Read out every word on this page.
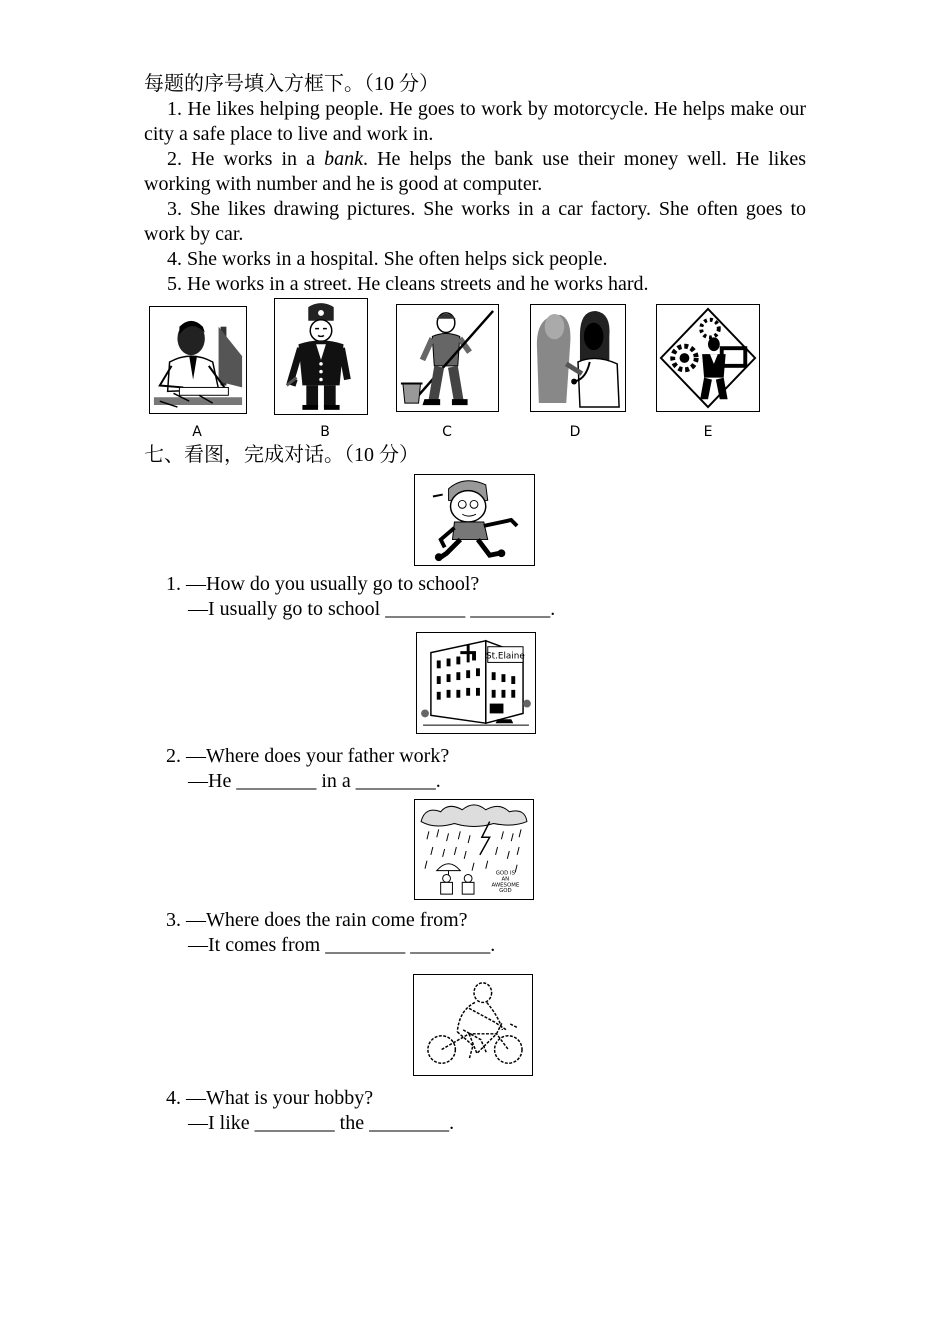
每题的序号填入方框下。（10 分）
1. He likes helping people. He goes to work by motorcycle. He helps make our city a safe place to live and work in.
2. He works in a bank. He helps the bank use their money well. He likes working with number and he is good at computer.
3. She likes drawing pictures. She works in a car factory. She often goes to work by car.
4. She works in a hospital. She often helps sick people.
5. He works in a street. He cleans streets and he works hard.
A	B	C	D	E
七、看图，完成对话。（10 分）
1. —How do you usually go to school?
—I usually go to school ________ ________.
St.Elaine
2. —Where does your father work?
—He ________ in a ________.
GOD IS
AN
AWESOME
GOD
3. —Where does the rain come from?
—It comes from ________ ________.
4. —What is your hobby?
—I like ________ the ________.
